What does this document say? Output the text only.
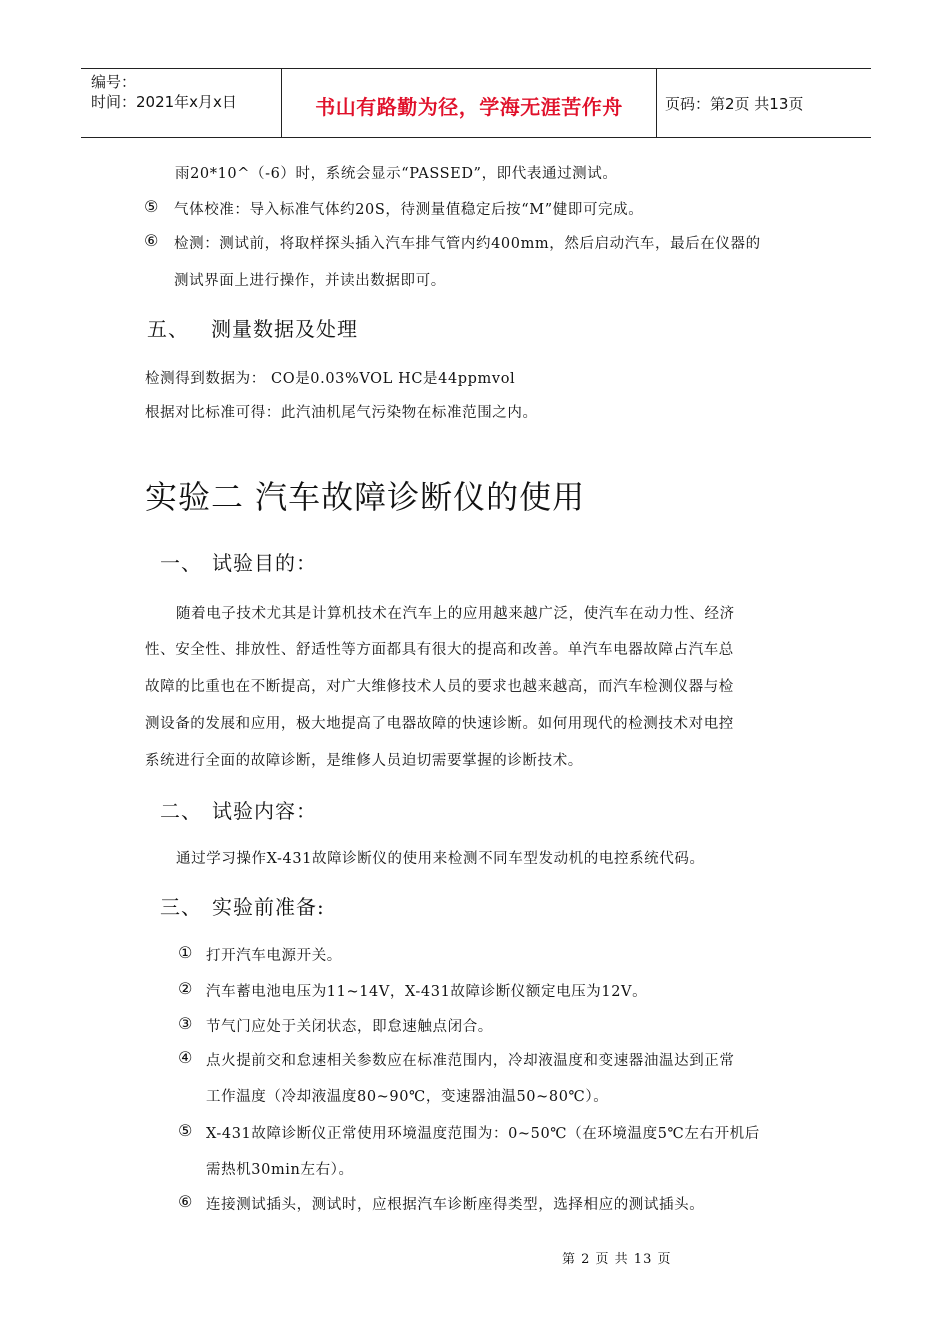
编号：
时间：2021年x月x日	书山有路勤为径，学海无涯苦作舟	页码：第2页 共13页
雨20*10^（-6）时，系统会显示“PASSED”，即代表通过测试。
⑤ 气体校准：导入标准气体约20S，待测量值稳定后按“M”健即可完成。
⑥ 检测：测试前，将取样探头插入汽车排气管内约400mm，然后启动汽车，最后在仪器的
测试界面上进行操作，并读出数据即可。
五、 测量数据及处理
检测得到数据为： CO是0.03%VOL HC是44ppmvol
根据对比标准可得：此汽油机尾气污染物在标准范围之内。
实验二 汽车故障诊断仪的使用
一、 试验目的：
随着电子技术尤其是计算机技术在汽车上的应用越来越广泛，使汽车在动力性、经济
性、安全性、排放性、舒适性等方面都具有很大的提高和改善。单汽车电器故障占汽车总
故障的比重也在不断提高，对广大维修技术人员的要求也越来越高，而汽车检测仪器与检
测设备的发展和应用，极大地提高了电器故障的快速诊断。如何用现代的检测技术对电控
系统进行全面的故障诊断，是维修人员迫切需要掌握的诊断技术。
二、 试验内容：
通过学习操作X-431故障诊断仪的使用来检测不同车型发动机的电控系统代码。
三、 实验前准备:
① 打开汽车电源开关。
② 汽车蓄电池电压为11~14V，X-431故障诊断仪额定电压为12V。
③ 节气门应处于关闭状态，即怠速触点闭合。
④ 点火提前交和怠速相关参数应在标准范围内，冷却液温度和变速器油温达到正常
工作温度（冷却液温度80~90℃，变速器油温50~80℃）。
⑤ X-431故障诊断仪正常使用环境温度范围为：0~50℃（在环境温度5℃左右开机后
需热机30min左右）。
⑥ 连接测试插头，测试时，应根据汽车诊断座得类型，选择相应的测试插头。
第 2 页 共 13 页
